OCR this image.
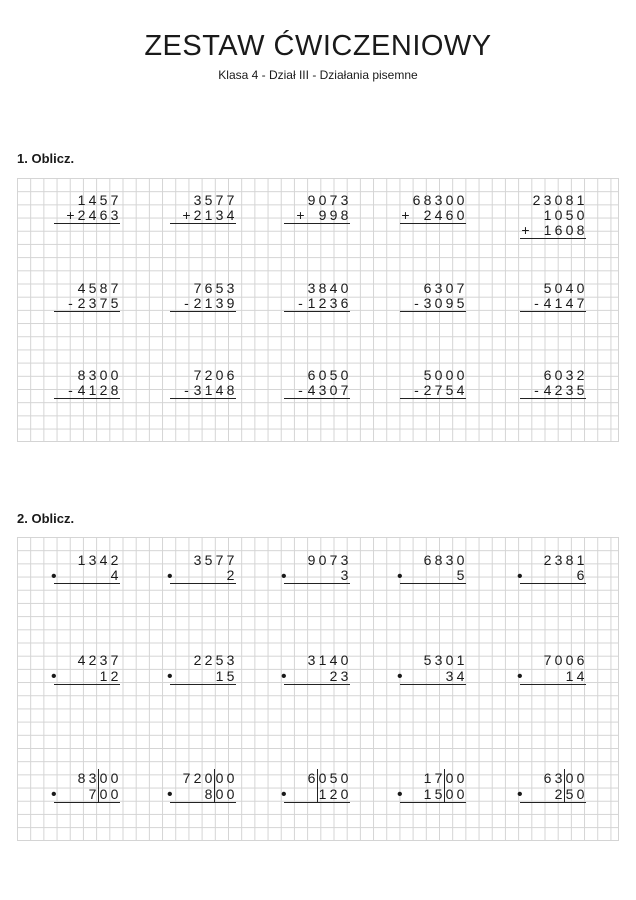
ZESTAW ĆWICZENIOWY

Klasa 4 - Dział III - Działania pisemne

1. Oblicz.

2. Oblicz.

1 4 5 7
+ 2 4 6 3
3 5 7 7
+ 2 1 3 4
9 0 7 3
+
9 9 8
6 8 3 0 0
+
2 4 6 0
2 3 0 8 1

1 0 5 0
+
1 6 0 8
4 5 8 7
- 2 3 7 5
7 6 5 3
- 2 1 3 9
3 8 4 0
- 1 2 3 6
6 3 0 7
- 3 0 9 5
5 0 4 0
- 4 1 4 7
8 3 0 0
- 4 1 2 8
7 2 0 6
- 3 1 4 8
6 0 5 0
- 4 3 0 7
5 0 0 0
- 2 7 5 4
6 0 3 2
- 4 2 3 5
1 3 4 2
4
•
3 5 7 7
2
•
9 0 7 3
3
•
6 8 3 0
5
•
2 3 8 1
6
•
4 2 3 7
1 2
•
2 2 5 3
1 5
•
3 1 4 0
2 3
•
5 3 0 1
3 4
•
7 0 0 6
1 4
•
8 3 0 0
7 0 0
•
7 2 0 0 0
8 0 0
•
6 0 5 0
1 2 0
•
1 7 0 0
1 5 0 0
•
6 3 0 0
2 5 0
•
